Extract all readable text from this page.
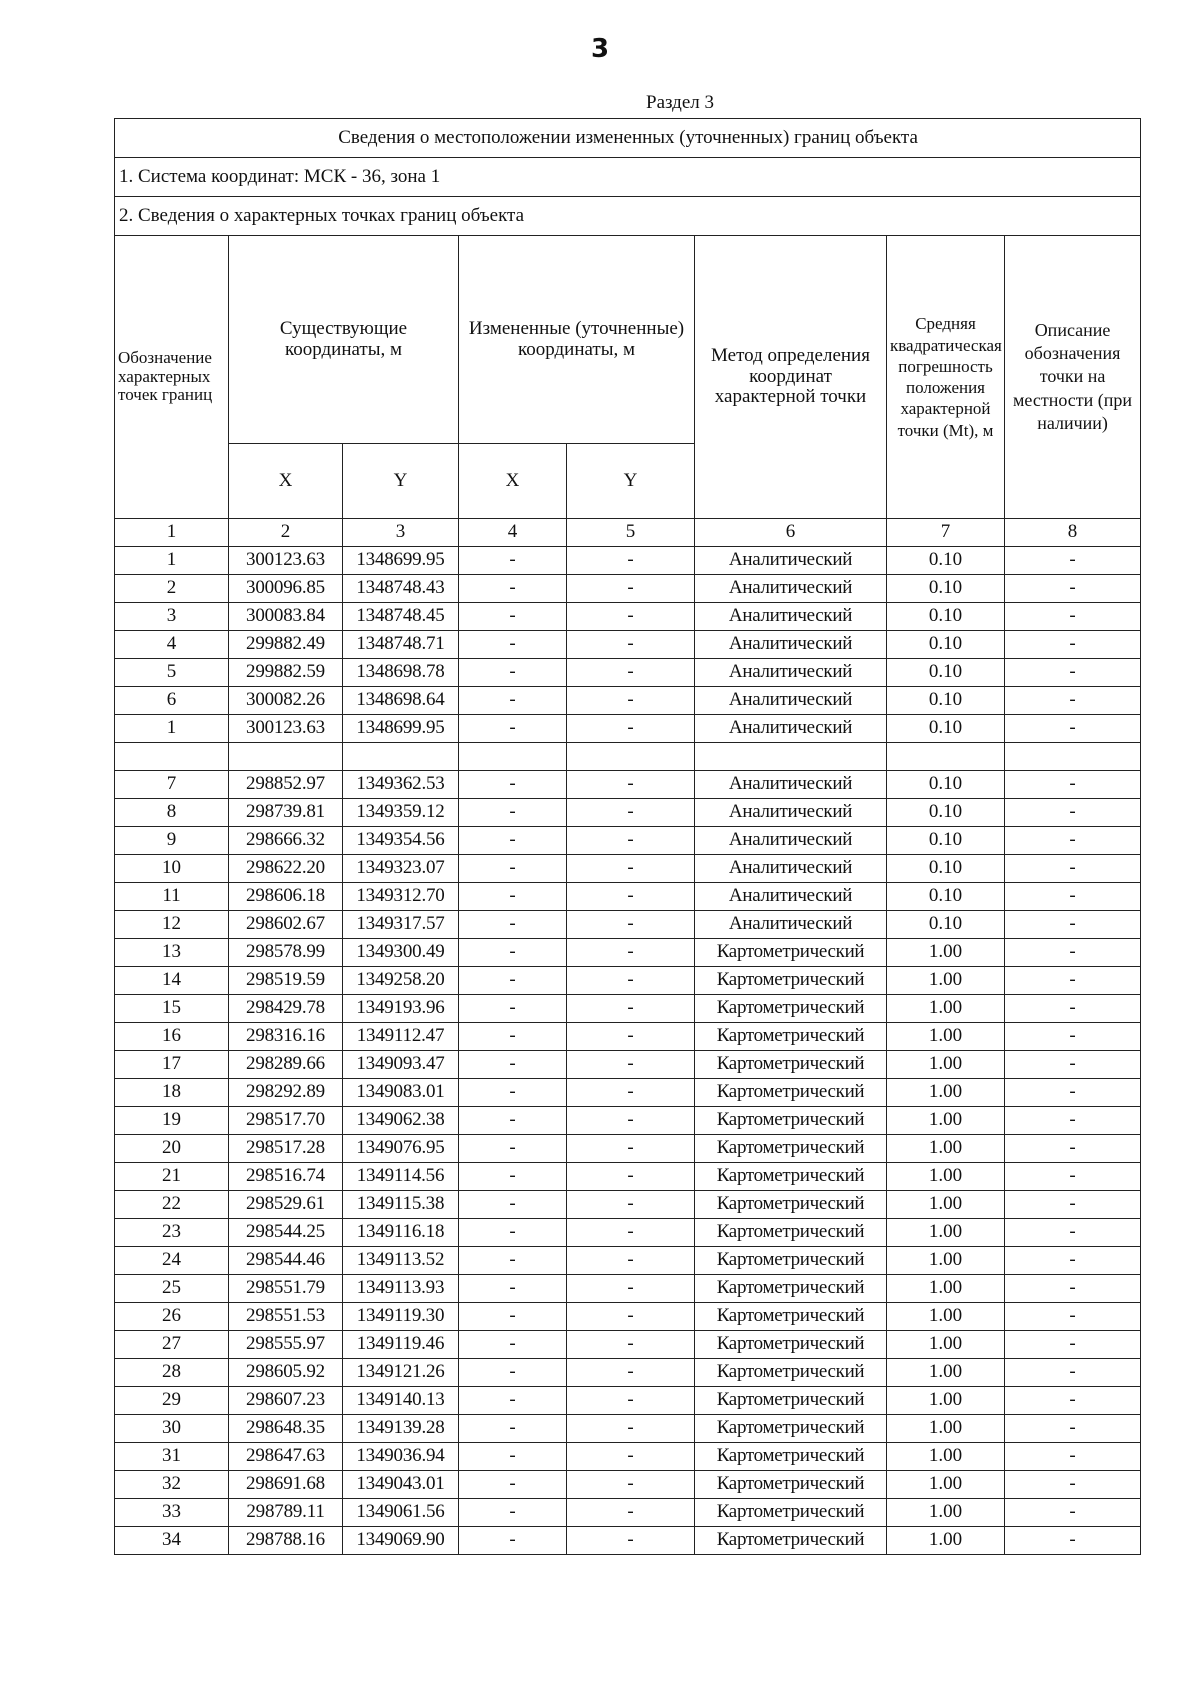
3
Раздел 3
Сведения о местоположении измененных (уточненных) границ объекта							
1. Система координат: МСК - 36, зона 1							
2. Сведения о характерных точках границ объекта							
Обозначение характерных точек границ	Существующие координаты, м		Измененные (уточненные) координаты, м		Метод определения координат характерной точки	Средняя квадратическая погрешность положения характерной точки (Mt), м	Описание обозначения точки на местности (при наличии)
	X	Y	X	Y			
1	2	3	4	5	6	7	8
1	300123.63	1348699.95	-	-	Аналитический	0.10	-
2	300096.85	1348748.43	-	-	Аналитический	0.10	-
3	300083.84	1348748.45	-	-	Аналитический	0.10	-
4	299882.49	1348748.71	-	-	Аналитический	0.10	-
5	299882.59	1348698.78	-	-	Аналитический	0.10	-
6	300082.26	1348698.64	-	-	Аналитический	0.10	-
1	300123.63	1348699.95	-	-	Аналитический	0.10	-

7	298852.97	1349362.53	-	-	Аналитический	0.10	-
8	298739.81	1349359.12	-	-	Аналитический	0.10	-
9	298666.32	1349354.56	-	-	Аналитический	0.10	-
10	298622.20	1349323.07	-	-	Аналитический	0.10	-
11	298606.18	1349312.70	-	-	Аналитический	0.10	-
12	298602.67	1349317.57	-	-	Аналитический	0.10	-
13	298578.99	1349300.49	-	-	Картометрический	1.00	-
14	298519.59	1349258.20	-	-	Картометрический	1.00	-
15	298429.78	1349193.96	-	-	Картометрический	1.00	-
16	298316.16	1349112.47	-	-	Картометрический	1.00	-
17	298289.66	1349093.47	-	-	Картометрический	1.00	-
18	298292.89	1349083.01	-	-	Картометрический	1.00	-
19	298517.70	1349062.38	-	-	Картометрический	1.00	-
20	298517.28	1349076.95	-	-	Картометрический	1.00	-
21	298516.74	1349114.56	-	-	Картометрический	1.00	-
22	298529.61	1349115.38	-	-	Картометрический	1.00	-
23	298544.25	1349116.18	-	-	Картометрический	1.00	-
24	298544.46	1349113.52	-	-	Картометрический	1.00	-
25	298551.79	1349113.93	-	-	Картометрический	1.00	-
26	298551.53	1349119.30	-	-	Картометрический	1.00	-
27	298555.97	1349119.46	-	-	Картометрический	1.00	-
28	298605.92	1349121.26	-	-	Картометрический	1.00	-
29	298607.23	1349140.13	-	-	Картометрический	1.00	-
30	298648.35	1349139.28	-	-	Картометрический	1.00	-
31	298647.63	1349036.94	-	-	Картометрический	1.00	-
32	298691.68	1349043.01	-	-	Картометрический	1.00	-
33	298789.11	1349061.56	-	-	Картометрический	1.00	-
34	298788.16	1349069.90	-	-	Картометрический	1.00	-
